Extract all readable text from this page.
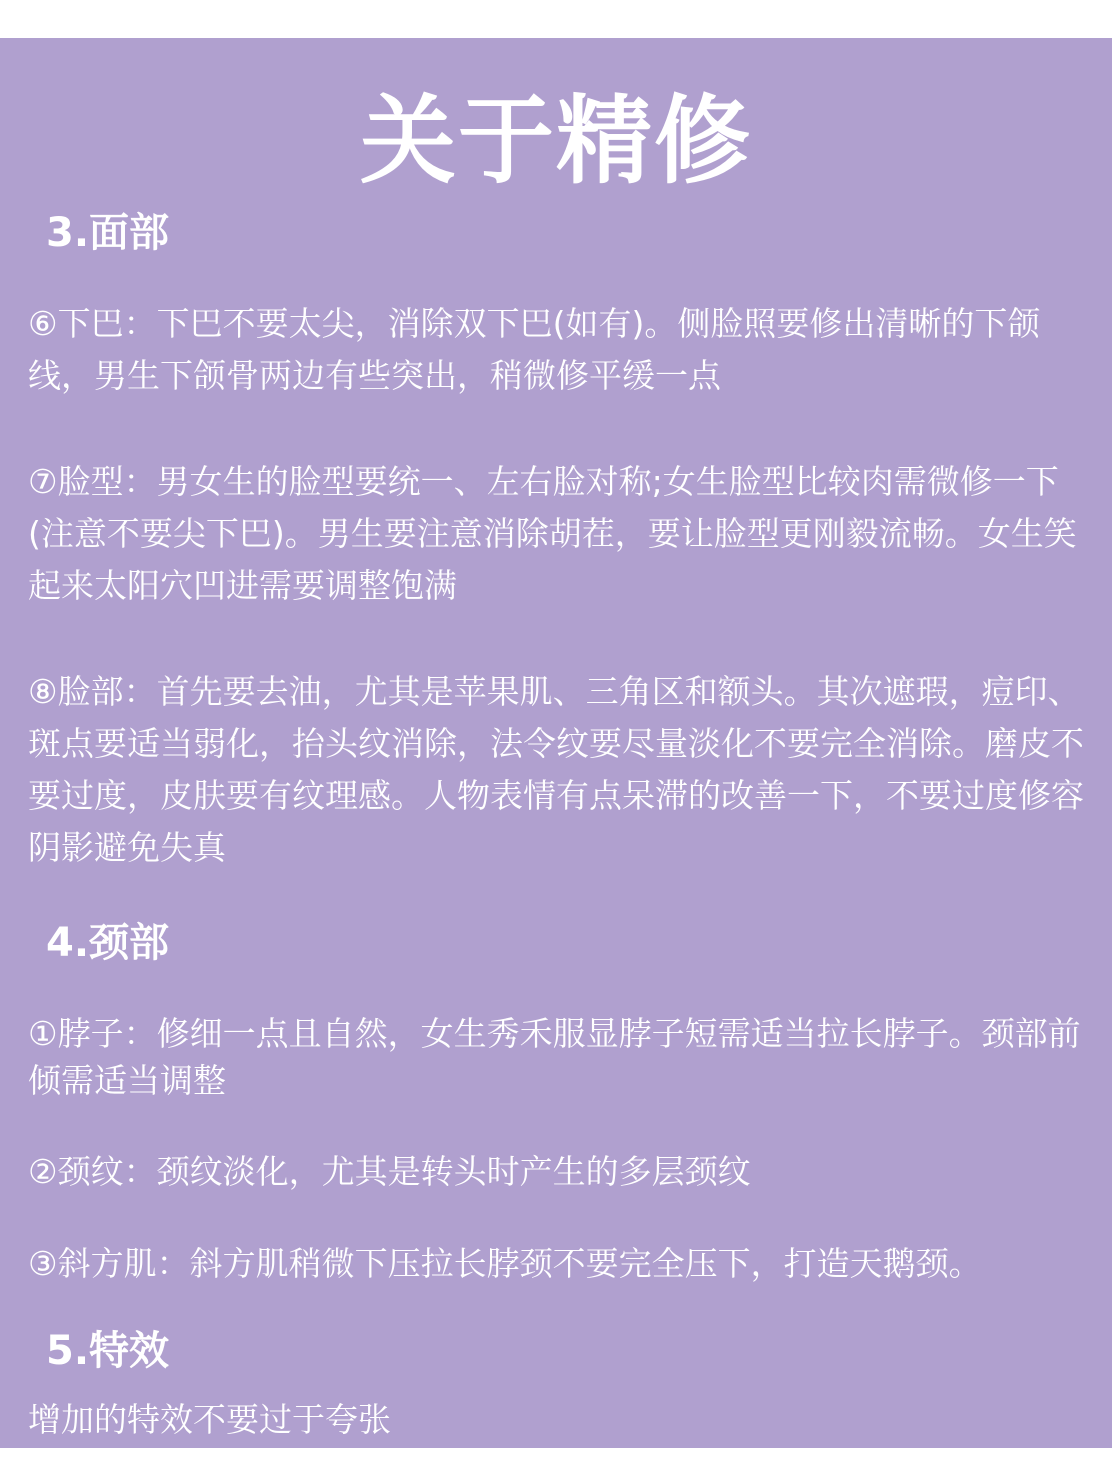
关于精修
3.面部
⑥下巴：下巴不要太尖，消除双下巴(如有)。侧脸照要修出清晰的下颌线，男生下颌骨两边有些突出，稍微修平缓一点
⑦脸型：男女生的脸型要统一、左右脸对称;女生脸型比较肉需微修一下(注意不要尖下巴)。男生要注意消除胡茬，要让脸型更刚毅流畅。女生笑起来太阳穴凹进需要调整饱满
⑧脸部：首先要去油，尤其是苹果肌、三角区和额头。其次遮瑕，痘印、斑点要适当弱化，抬头纹消除，法令纹要尽量淡化不要完全消除。磨皮不要过度，皮肤要有纹理感。人物表情有点呆滞的改善一下，不要过度修容阴影避免失真
4.颈部
①脖子：修细一点且自然，女生秀禾服显脖子短需适当拉长脖子。颈部前倾需适当调整
②颈纹：颈纹淡化，尤其是转头时产生的多层颈纹
③斜方肌：斜方肌稍微下压拉长脖颈不要完全压下，打造天鹅颈。
5.特效
增加的特效不要过于夸张
